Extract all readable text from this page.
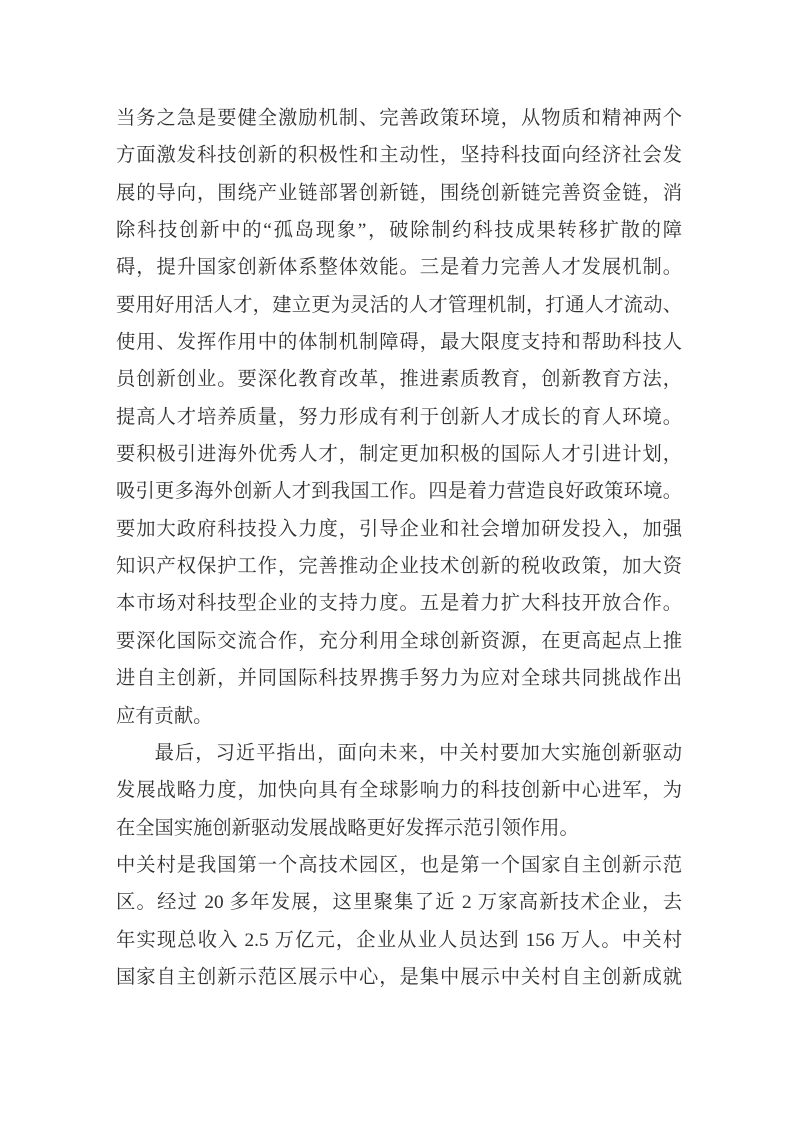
当务之急是要健全激励机制、完善政策环境，从物质和精神两个
方面激发科技创新的积极性和主动性，坚持科技面向经济社会发
展的导向，围绕产业链部署创新链，围绕创新链完善资金链，消
除科技创新中的“孤岛现象”，破除制约科技成果转移扩散的障
碍，提升国家创新体系整体效能。三是着力完善人才发展机制。
要用好用活人才，建立更为灵活的人才管理机制，打通人才流动、
使用、发挥作用中的体制机制障碍，最大限度支持和帮助科技人
员创新创业。要深化教育改革，推进素质教育，创新教育方法，
提高人才培养质量，努力形成有利于创新人才成长的育人环境。
要积极引进海外优秀人才，制定更加积极的国际人才引进计划，
吸引更多海外创新人才到我国工作。四是着力营造良好政策环境。
要加大政府科技投入力度，引导企业和社会增加研发投入，加强
知识产权保护工作，完善推动企业技术创新的税收政策，加大资
本市场对科技型企业的支持力度。五是着力扩大科技开放合作。
要深化国际交流合作，充分利用全球创新资源，在更高起点上推
进自主创新，并同国际科技界携手努力为应对全球共同挑战作出
应有贡献。
最后，习近平指出，面向未来，中关村要加大实施创新驱动
发展战略力度，加快向具有全球影响力的科技创新中心进军，为
在全国实施创新驱动发展战略更好发挥示范引领作用。
中关村是我国第一个高技术园区，也是第一个国家自主创新示范
区。经过 20 多年发展，这里聚集了近 2 万家高新技术企业，去
年实现总收入 2.5 万亿元，企业从业人员达到 156 万人。中关村
国家自主创新示范区展示中心，是集中展示中关村自主创新成就
